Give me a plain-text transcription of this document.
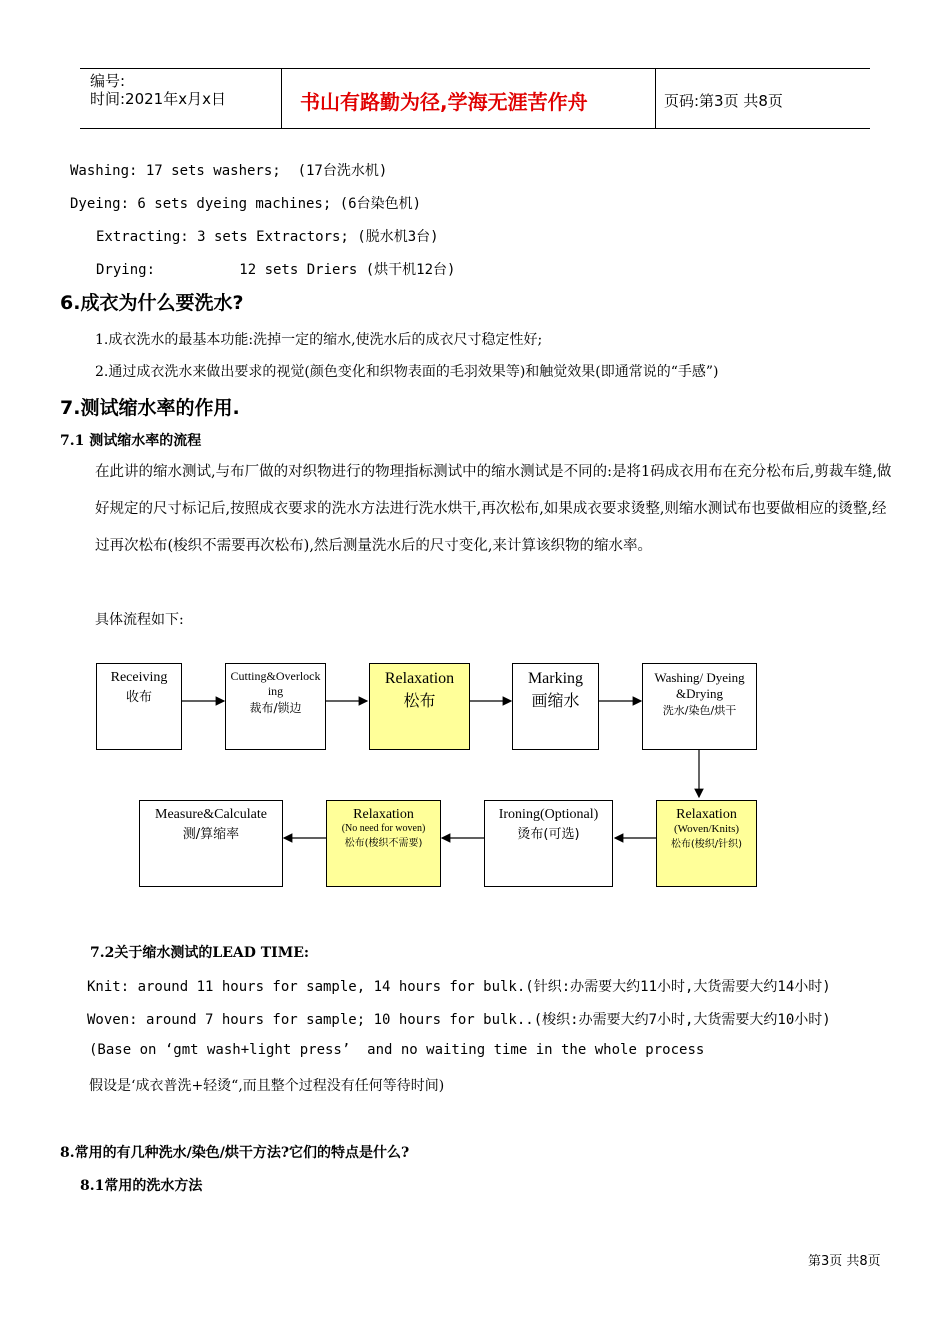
编号:
时间:2021年x月x日	书山有路勤为径,学海无涯苦作舟	页码:第3页 共8页
Washing: 17 sets washers;  (17台洗水机)
Dyeing: 6 sets dyeing machines; (6台染色机)
Extracting: 3 sets Extractors; (脱水机3台)
Drying:          12 sets Driers (烘干机12台)
6.成衣为什么要洗水?
1.成衣洗水的最基本功能:洗掉一定的缩水,使洗水后的成衣尺寸稳定性好;
2.通过成衣洗水来做出要求的视觉(颜色变化和织物表面的毛羽效果等)和触觉效果(即通常说的“手感”)
7.测试缩水率的作用.
7.1 测试缩水率的流程
在此讲的缩水测试,与布厂做的对织物进行的物理指标测试中的缩水测试是不同的:是将1码成衣用布在充分松布后,剪裁车缝,做好规定的尺寸标记后,按照成衣要求的洗水方法进行洗水烘干,再次松布,如果成衣要求烫整,则缩水测试布也要做相应的烫整,经过再次松布(梭织不需要再次松布),然后测量洗水后的尺寸变化,来计算该织物的缩水率。
具体流程如下:
Receiving
收布
Cutting&Overlocking
裁布/锁边
Relaxation
松布
Marking
画缩水
Washing/ Dyeing&Drying
洗水/染色/烘干
Relaxation
(Woven/Knits)
松布(梭织/针织)
Ironing(Optional)
烫布(可选)
Relaxation
(No need for woven)
松布(梭织不需要)
Measure&Calculate
测/算缩率
7.2关于缩水测试的LEAD TIME:
Knit: around 11 hours for sample, 14 hours for bulk.(针织:办需要大约11小时,大货需要大约14小时)
Woven: around 7 hours for sample; 10 hours for bulk..(梭织:办需要大约7小时,大货需要大约10小时)
(Base on ‘gmt wash+light press’  and no waiting time in the whole process
假设是‘成衣普洗+轻烫“,而且整个过程没有任何等待时间)
8.常用的有几种洗水/染色/烘干方法?它们的特点是什么?
8.1常用的洗水方法
第3页 共8页
